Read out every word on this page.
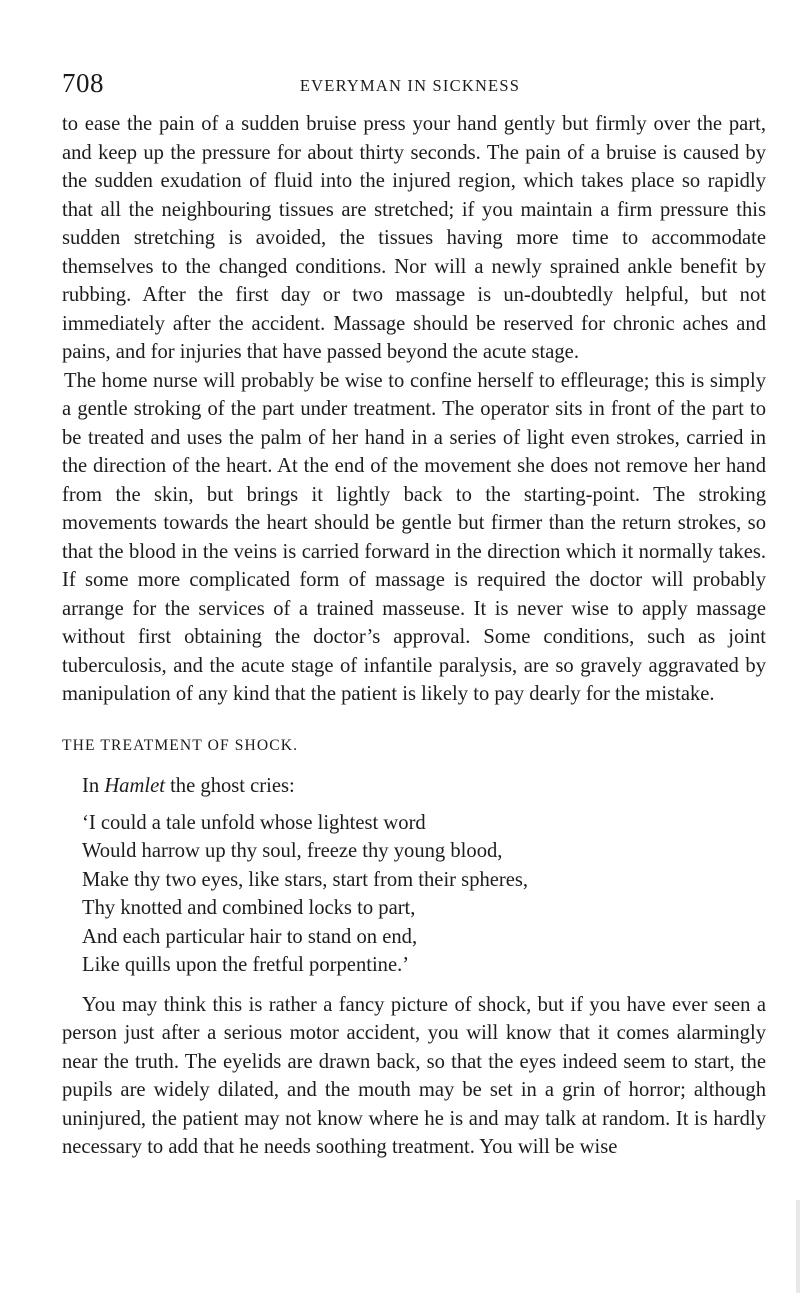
708	EVERYMAN IN SICKNESS

to ease the pain of a sudden bruise press your hand gently but firmly over the part, and keep up the pressure for about thirty seconds. The pain of a bruise is caused by the sudden exudation of fluid into the injured region, which takes place so rapidly that all the neighbouring tissues are stretched; if you maintain a firm pressure this sudden stretching is avoided, the tissues having more time to accommodate themselves to the changed conditions. Nor will a newly sprained ankle benefit by rubbing. After the first day or two massage is un-doubtedly helpful, but not immediately after the accident. Massage should be reserved for chronic aches and pains, and for injuries that have passed beyond the acute stage.

The home nurse will probably be wise to confine herself to effleurage; this is simply a gentle stroking of the part under treatment. The operator sits in front of the part to be treated and uses the palm of her hand in a series of light even strokes, carried in the direction of the heart. At the end of the movement she does not remove her hand from the skin, but brings it lightly back to the starting-point. The stroking movements towards the heart should be gentle but firmer than the return strokes, so that the blood in the veins is carried forward in the direction which it normally takes. If some more complicated form of massage is required the doctor will probably arrange for the services of a trained masseuse. It is never wise to apply massage without first obtaining the doctor’s approval. Some conditions, such as joint tuberculosis, and the acute stage of infantile paralysis, are so gravely aggravated by manipulation of any kind that the patient is likely to pay dearly for the mistake.

THE TREATMENT OF SHOCK.

In Hamlet the ghost cries:

‘I could a tale unfold whose lightest word
Would harrow up thy soul, freeze thy young blood,
Make thy two eyes, like stars, start from their spheres,
Thy knotted and combined locks to part,
And each particular hair to stand on end,
Like quills upon the fretful porpentine.’

You may think this is rather a fancy picture of shock, but if you have ever seen a person just after a serious motor accident, you will know that it comes alarmingly near the truth. The eyelids are drawn back, so that the eyes indeed seem to start, the pupils are widely dilated, and the mouth may be set in a grin of horror; although uninjured, the patient may not know where he is and may talk at random. It is hardly necessary to add that he needs soothing treatment. You will be wise
